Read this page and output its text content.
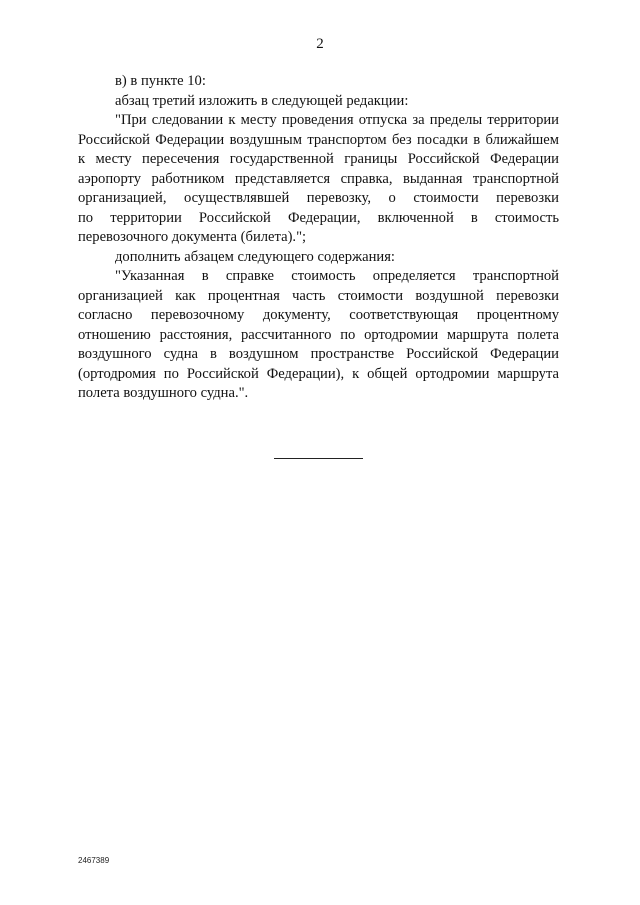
2

в) в пункте 10:

абзац третий изложить в следующей редакции:

"При следовании к месту проведения отпуска за пределы территории
Российской Федерации воздушным транспортом без посадки в ближайшем
к месту пересечения государственной границы Российской Федерации
аэропорту работником представляется справка, выданная транспортной
организацией, осуществлявшей перевозку, о стоимости перевозки
по территории Российской Федерации, включенной в стоимость
перевозочного документа (билета).";

дополнить абзацем следующего содержания:

"Указанная в справке стоимость определяется транспортной
организацией как процентная часть стоимости воздушной перевозки
согласно перевозочному документу, соответствующая процентному
отношению расстояния, рассчитанного по ортодромии маршрута полета
воздушного судна в воздушном пространстве Российской Федерации
(ортодромия по Российской Федерации), к общей ортодромии маршрута
полета воздушного судна.".
2467389
